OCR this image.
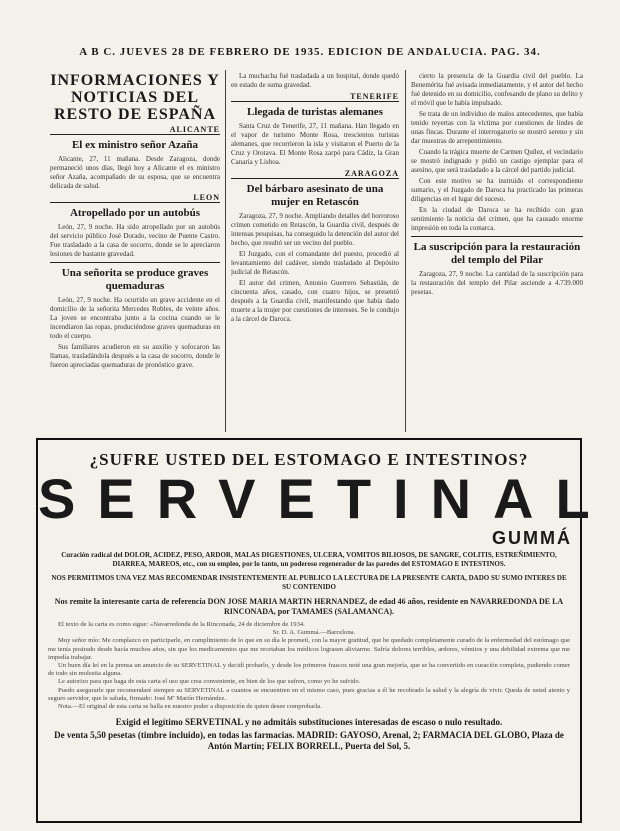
A B C. JUEVES 28 DE FEBRERO DE 1935. EDICION DE ANDALUCIA. PAG. 34.
INFORMACIONES Y NOTICIAS DEL RESTO DE ESPAÑA
ALICANTE
El ex ministro señor Azaña

Alicante, 27, 11 mañana. Desde Zaragoza, donde permaneció unos días, llegó hoy a Alicante el ex ministro señor Azaña, acompañado de su esposa, que se encuentra delicada de salud.

LEON
Atropellado por un autobús

León, 27, 9 noche. Ha sido atropellado por un autobús del servicio público José Dorado, vecino de Puente Castro. Fue trasladado a la casa de socorro, donde se le apreciaron lesiones de bastante gravedad.

Una señorita se produce graves quemaduras

León, 27, 9 noche. Ha ocurrido un grave accidente en el domicilio de la señorita Mercedes Robles, de veinte años. La joven se encontraba junto a la cocina cuando se le incendiaron las ropas, produciéndose graves quemaduras en todo el cuerpo.

Sus familiares acudieron en su auxilio y sofocaron las llamas, trasladándola después a la casa de socorro, donde le fueron apreciadas quemaduras de pronóstico grave.

La muchacha fué trasladada a un hospital, donde quedó en estado de suma gravedad.

TENERIFE
Llegada de turistas alemanes

Santa Cruz de Tenerife, 27, 11 mañana. Han llegado en el vapor de turismo Monte Rosa, trescientos turistas alemanes, que recorrieron la isla y visitaron el Puerto de la Cruz y Orotava. El Monte Rosa zarpó para Cádiz, la Gran Canaria y Lisboa.

ZARAGOZA
Del bárbaro asesinato de una mujer en Retascón

Zaragoza, 27, 9 noche. Ampliando detalles del horroroso crimen cometido en Retascón, la Guardia civil, después de intensas pesquisas, ha conseguido la detención del autor del hecho, que resultó ser un vecino del pueblo.

El Juzgado, con el comandante del puesto, procedió al levantamiento del cadáver, siendo trasladado al Depósito judicial de Retascón.

El autor del crimen, Antonio Guerrero Sebastián, de cincuenta años, casado, con cuatro hijos, se presentó después a la Guardia civil, manifestando que había dado muerte a la mujer por cuestiones de intereses. Se le condujo a la cárcel de Daroca.

cierto la presencia de la Guardia civil del pueblo. La Benemérita fué avisada inmediatamente, y el autor del hecho fué detenido en su domicilio, confesando de plano su delito y el móvil que le había impulsado.

Se trata de un individuo de malos antecedentes, que había tenido reyertas con la víctima por cuestiones de lindes de unas fincas. Durante el interrogatorio se mostró sereno y sin dar muestras de arrepentimiento.

Cuando la trágica muerte de Carmen Quílez, el vecindario se mostró indignado y pidió un castigo ejemplar para el asesino, que será trasladado a la cárcel del partido judicial.

Con este motivo se ha instruido el correspondiente sumario, y el Juzgado de Daroca ha practicado las primeras diligencias en el lugar del suceso.

En la ciudad de Daroca se ha recibido con gran sentimiento la noticia del crimen, que ha causado enorme impresión en toda la comarca.

La suscripción para la restauración del templo del Pilar

Zaragoza, 27, 9 noche. La cantidad de la suscripción para la restauración del templo del Pilar asciende a 4.739.000 pesetas.

¿SUFRE USTED DEL ESTOMAGO E INTESTINOS?
SERVETINAL
GUMMÁ
Curación radical del DOLOR, ACIDEZ, PESO, ARDOR, MALAS DIGESTIONES, ULCERA, VOMITOS BILIOSOS, DE SANGRE, COLITIS, ESTREÑIMIENTO, DIARREA, MAREOS, etc., con su empleo, por lo tanto, un poderoso regenerador de las paredes del ESTOMAGO E INTESTINOS.
NOS PERMITIMOS UNA VEZ MAS RECOMENDAR INSISTENTEMENTE AL PUBLICO LA LECTURA DE LA PRESENTE CARTA, DADO SU SUMO INTERES DE SU CONTENIDO
Nos remite la interesante carta de referencia DON JOSE MARIA MARTIN HERNANDEZ, de edad 46 años, residente en NAVARREDONDA DE LA RINCONADA, por TAMAMES (SALAMANCA).

El texto de la carta es como sigue: «Navarredonda de la Rinconada, 24 de diciembre de 1934.

Sr. D. A. Gummá.—Barcelona.

Muy señor mío: Me complazco en participarle, en cumplimiento de lo que en su día le prometí, con la mayor gratitud, que he quedado completamente curado de la enfermedad del estómago que me tenía postrado desde hacía muchos años, sin que los medicamentos que me recetaban los médicos lograsen aliviarme. Sufría dolores terribles, ardores, vómitos y una debilidad extrema que me impedía trabajar.

Un buen día leí en la prensa un anuncio de su SERVETINAL y decidí probarlo, y desde los primeros frascos noté una gran mejoría, que se ha convertido en curación completa, pudiendo comer de todo sin molestia alguna.

Le autorizo para que haga de esta carta el uso que crea conveniente, en bien de los que sufren, como yo he sufrido.

Puedo asegurarle que recomendaré siempre su SERVETINAL a cuantos se encuentren en el mismo caso, pues gracias a él he recobrado la salud y la alegría de vivir. Queda de usted atento y seguro servidor, que le saluda, firmado: José Mª Martín Hernández.

Nota.—El original de esta carta se halla en nuestro poder a disposición de quien desee comprobarla.

Exigid el legítimo SERVETINAL y no admitáis substituciones interesadas de escaso o nulo resultado.
De venta 5,50 pesetas (timbre incluido), en todas las farmacias. MADRID: GAYOSO, Arenal, 2; FARMACIA DEL GLOBO, Plaza de Antón Martín; FELIX BORRELL, Puerta del Sol, 5.
